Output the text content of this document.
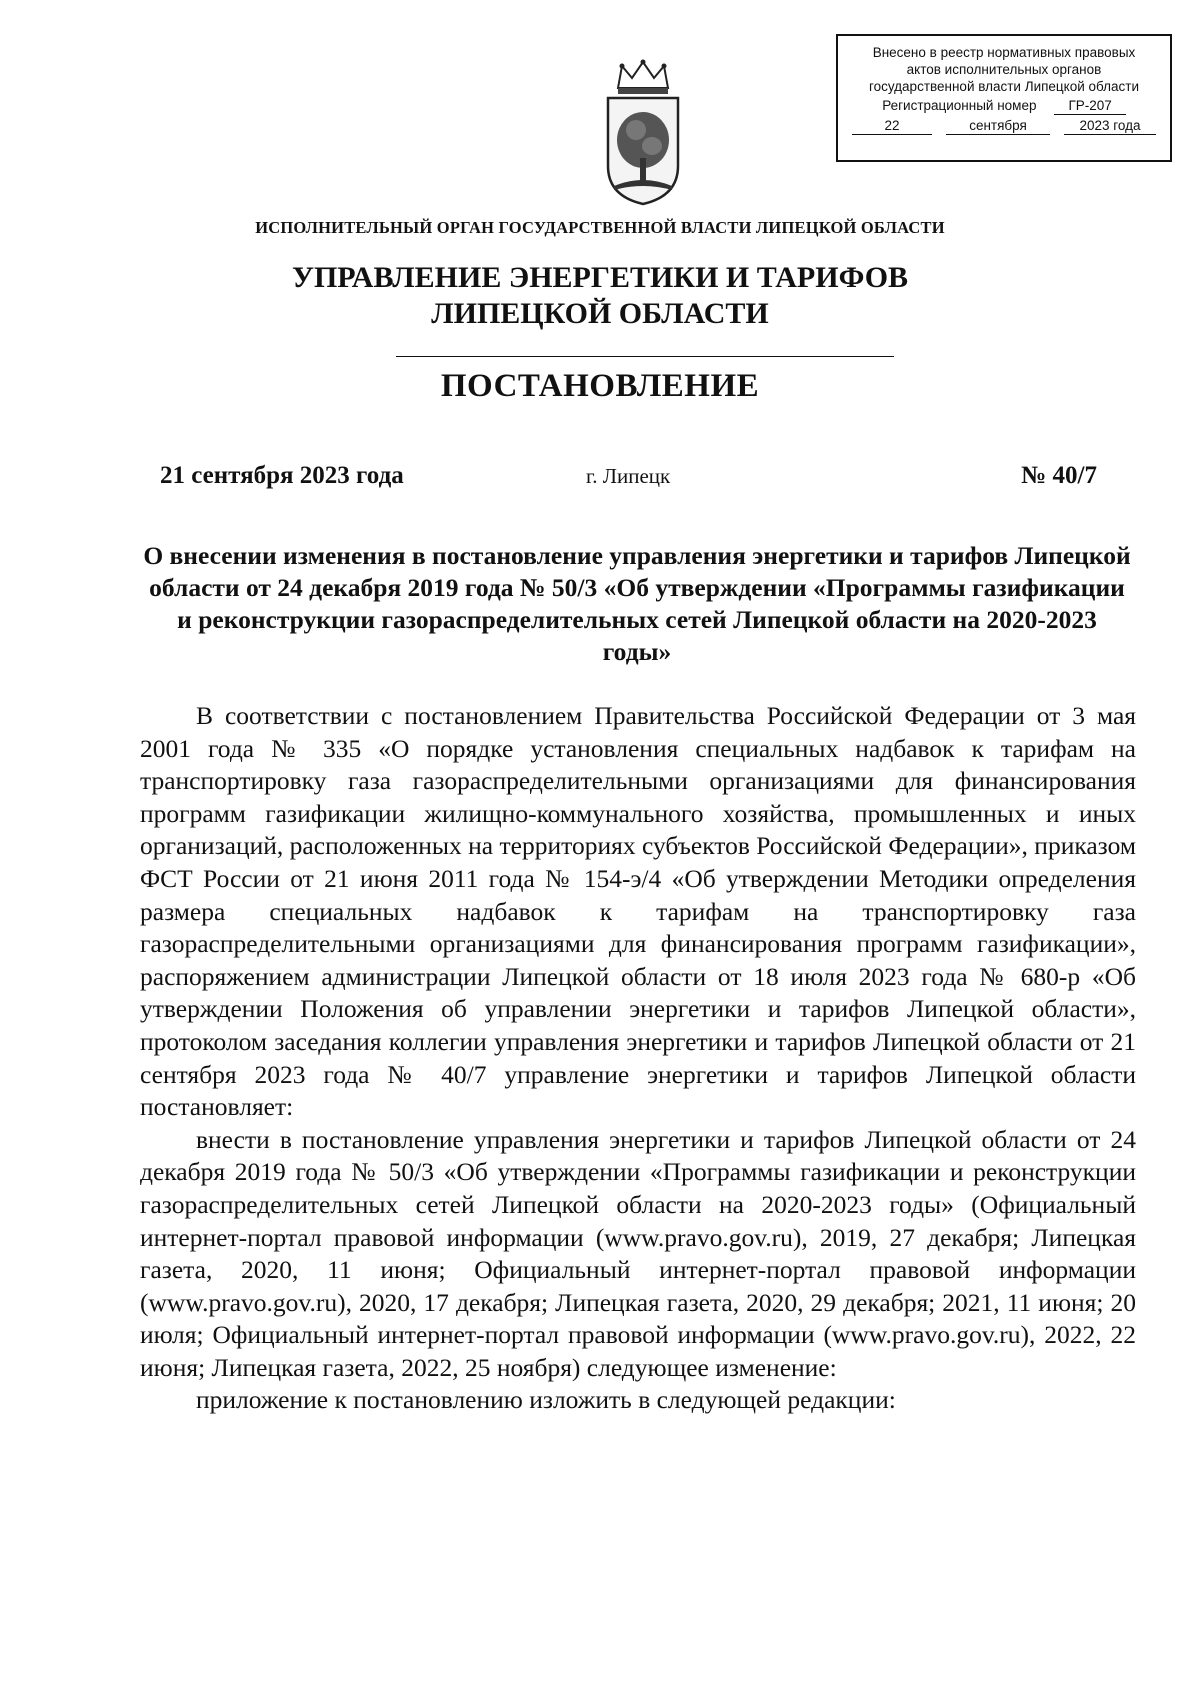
Внесено в реестр нормативных правовых
актов исполнительных органов
государственной власти Липецкой области
Регистрационный номер	ГР-207
22	сентября	2023 года
ИСПОЛНИТЕЛЬНЫЙ ОРГАН ГОСУДАРСТВЕННОЙ ВЛАСТИ ЛИПЕЦКОЙ ОБЛАСТИ
УПРАВЛЕНИЕ ЭНЕРГЕТИКИ И ТАРИФОВ
ЛИПЕЦКОЙ ОБЛАСТИ
ПОСТАНОВЛЕНИЕ
21 сентября 2023 года	г. Липецк	№ 40/7
О внесении изменения в постановление управления энергетики и тарифов Липецкой области от 24 декабря 2019 года № 50/3 «Об утверждении «Программы газификации и реконструкции газораспределительных сетей Липецкой области на 2020-2023 годы»

В соответствии с постановлением Правительства Российской Федерации от 3 мая 2001 года № 335 «О порядке установления специальных надбавок к тарифам на транспортировку газа газораспределительными организациями для финансирования программ газификации жилищно-коммунального хозяйства, промышленных и иных организаций, расположенных на территориях субъектов Российской Федерации», приказом ФСТ России от 21 июня 2011 года № 154-э/4 «Об утверждении Методики определения размера специальных надбавок к тарифам на транспортировку газа газораспределительными организациями для финансирования программ газификации», распоряжением администрации Липецкой области от 18 июля 2023 года № 680-р «Об утверждении Положения об управлении энергетики и тарифов Липецкой области», протоколом заседания коллегии управления энергетики и тарифов Липецкой области от 21 сентября 2023 года № 40/7 управление энергетики и тарифов Липецкой области постановляет:

внести в постановление управления энергетики и тарифов Липецкой области от 24 декабря 2019 года № 50/3 «Об утверждении «Программы газификации и реконструкции газораспределительных сетей Липецкой области на 2020-2023 годы» (Официальный интернет-портал правовой информации (www.pravo.gov.ru), 2019, 27 декабря; Липецкая газета, 2020, 11 июня; Официальный интернет-портал правовой информации (www.pravo.gov.ru), 2020, 17 декабря; Липецкая газета, 2020, 29 декабря; 2021, 11 июня; 20 июля; Официальный интернет-портал правовой информации (www.pravo.gov.ru), 2022, 22 июня; Липецкая газета, 2022, 25 ноября) следующее изменение:

приложение к постановлению изложить в следующей редакции:
